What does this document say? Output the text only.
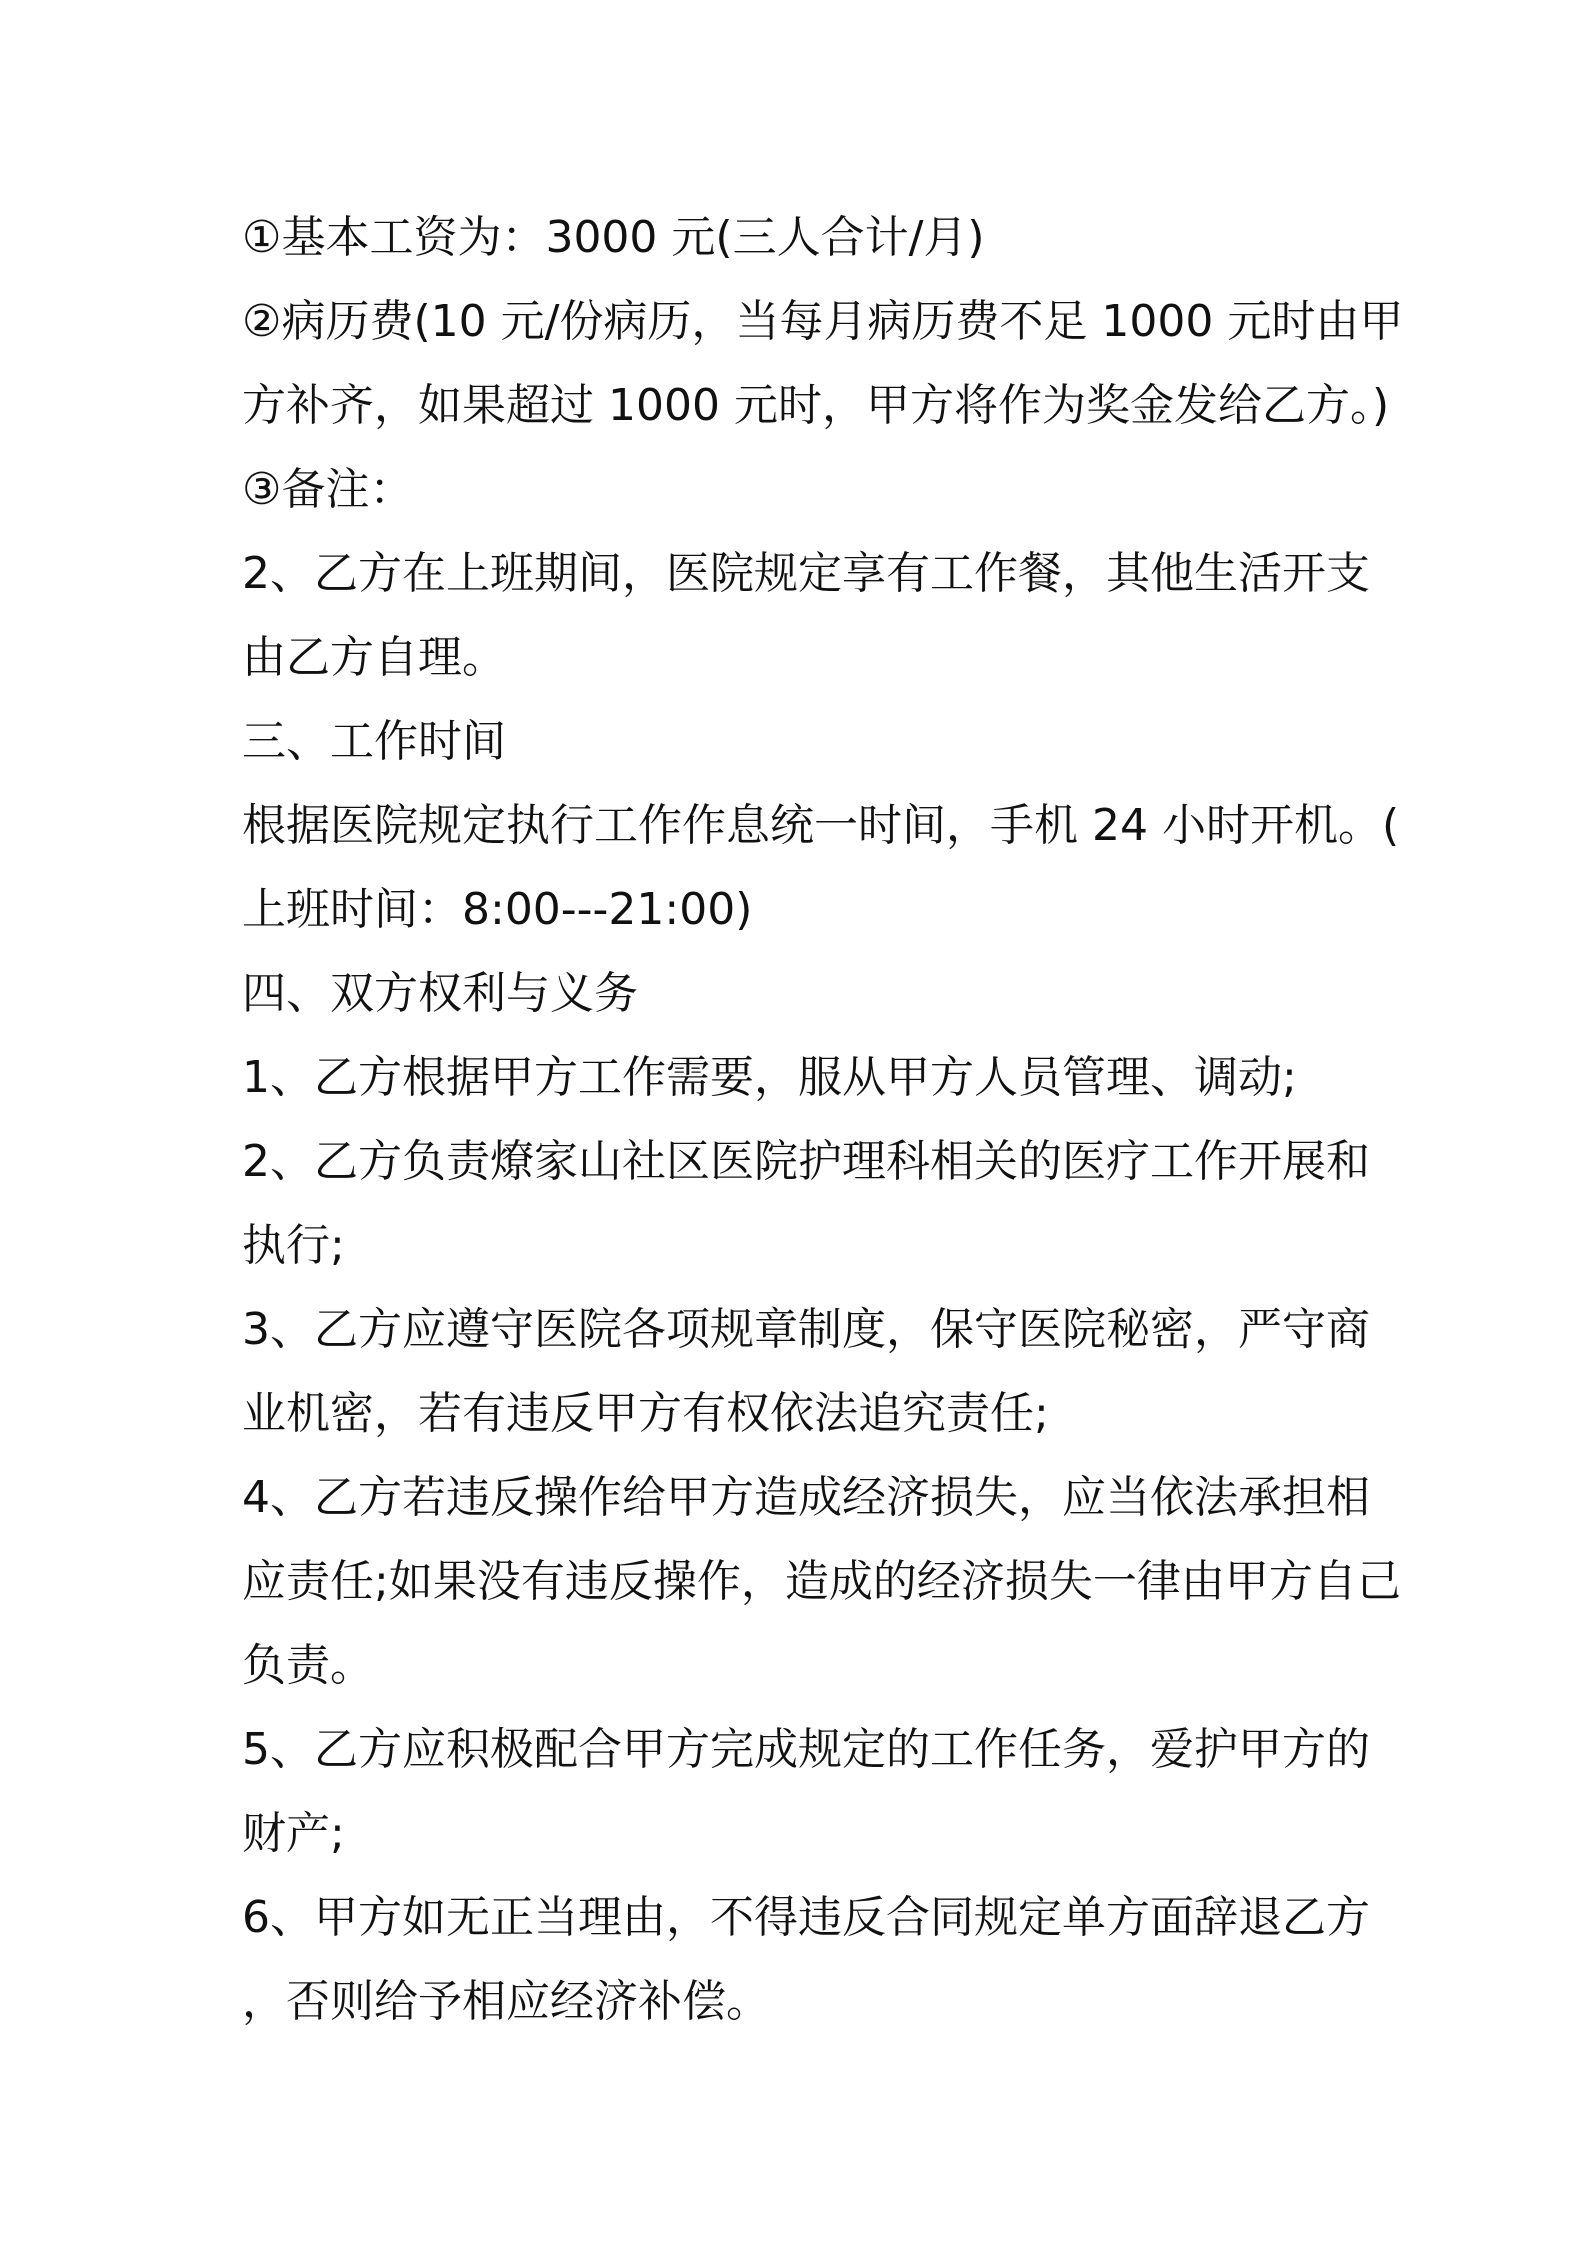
①基本工资为：3000 元(三人合计/月)
②病历费(10 元/份病历，当每月病历费不足 1000 元时由甲
方补齐，如果超过 1000 元时，甲方将作为奖金发给乙方。)
③备注：
2、乙方在上班期间，医院规定享有工作餐，其他生活开支
由乙方自理。
三、工作时间
根据医院规定执行工作作息统一时间，手机 24 小时开机。(
上班时间：8:00---21:00)
四、双方权利与义务
1、乙方根据甲方工作需要，服从甲方人员管理、调动;
2、乙方负责燎家山社区医院护理科相关的医疗工作开展和
执行;
3、乙方应遵守医院各项规章制度，保守医院秘密，严守商
业机密，若有违反甲方有权依法追究责任;
4、乙方若违反操作给甲方造成经济损失，应当依法承担相
应责任;如果没有违反操作，造成的经济损失一律由甲方自己
负责。
5、乙方应积极配合甲方完成规定的工作任务，爱护甲方的
财产;
6、甲方如无正当理由，不得违反合同规定单方面辞退乙方
，否则给予相应经济补偿。
